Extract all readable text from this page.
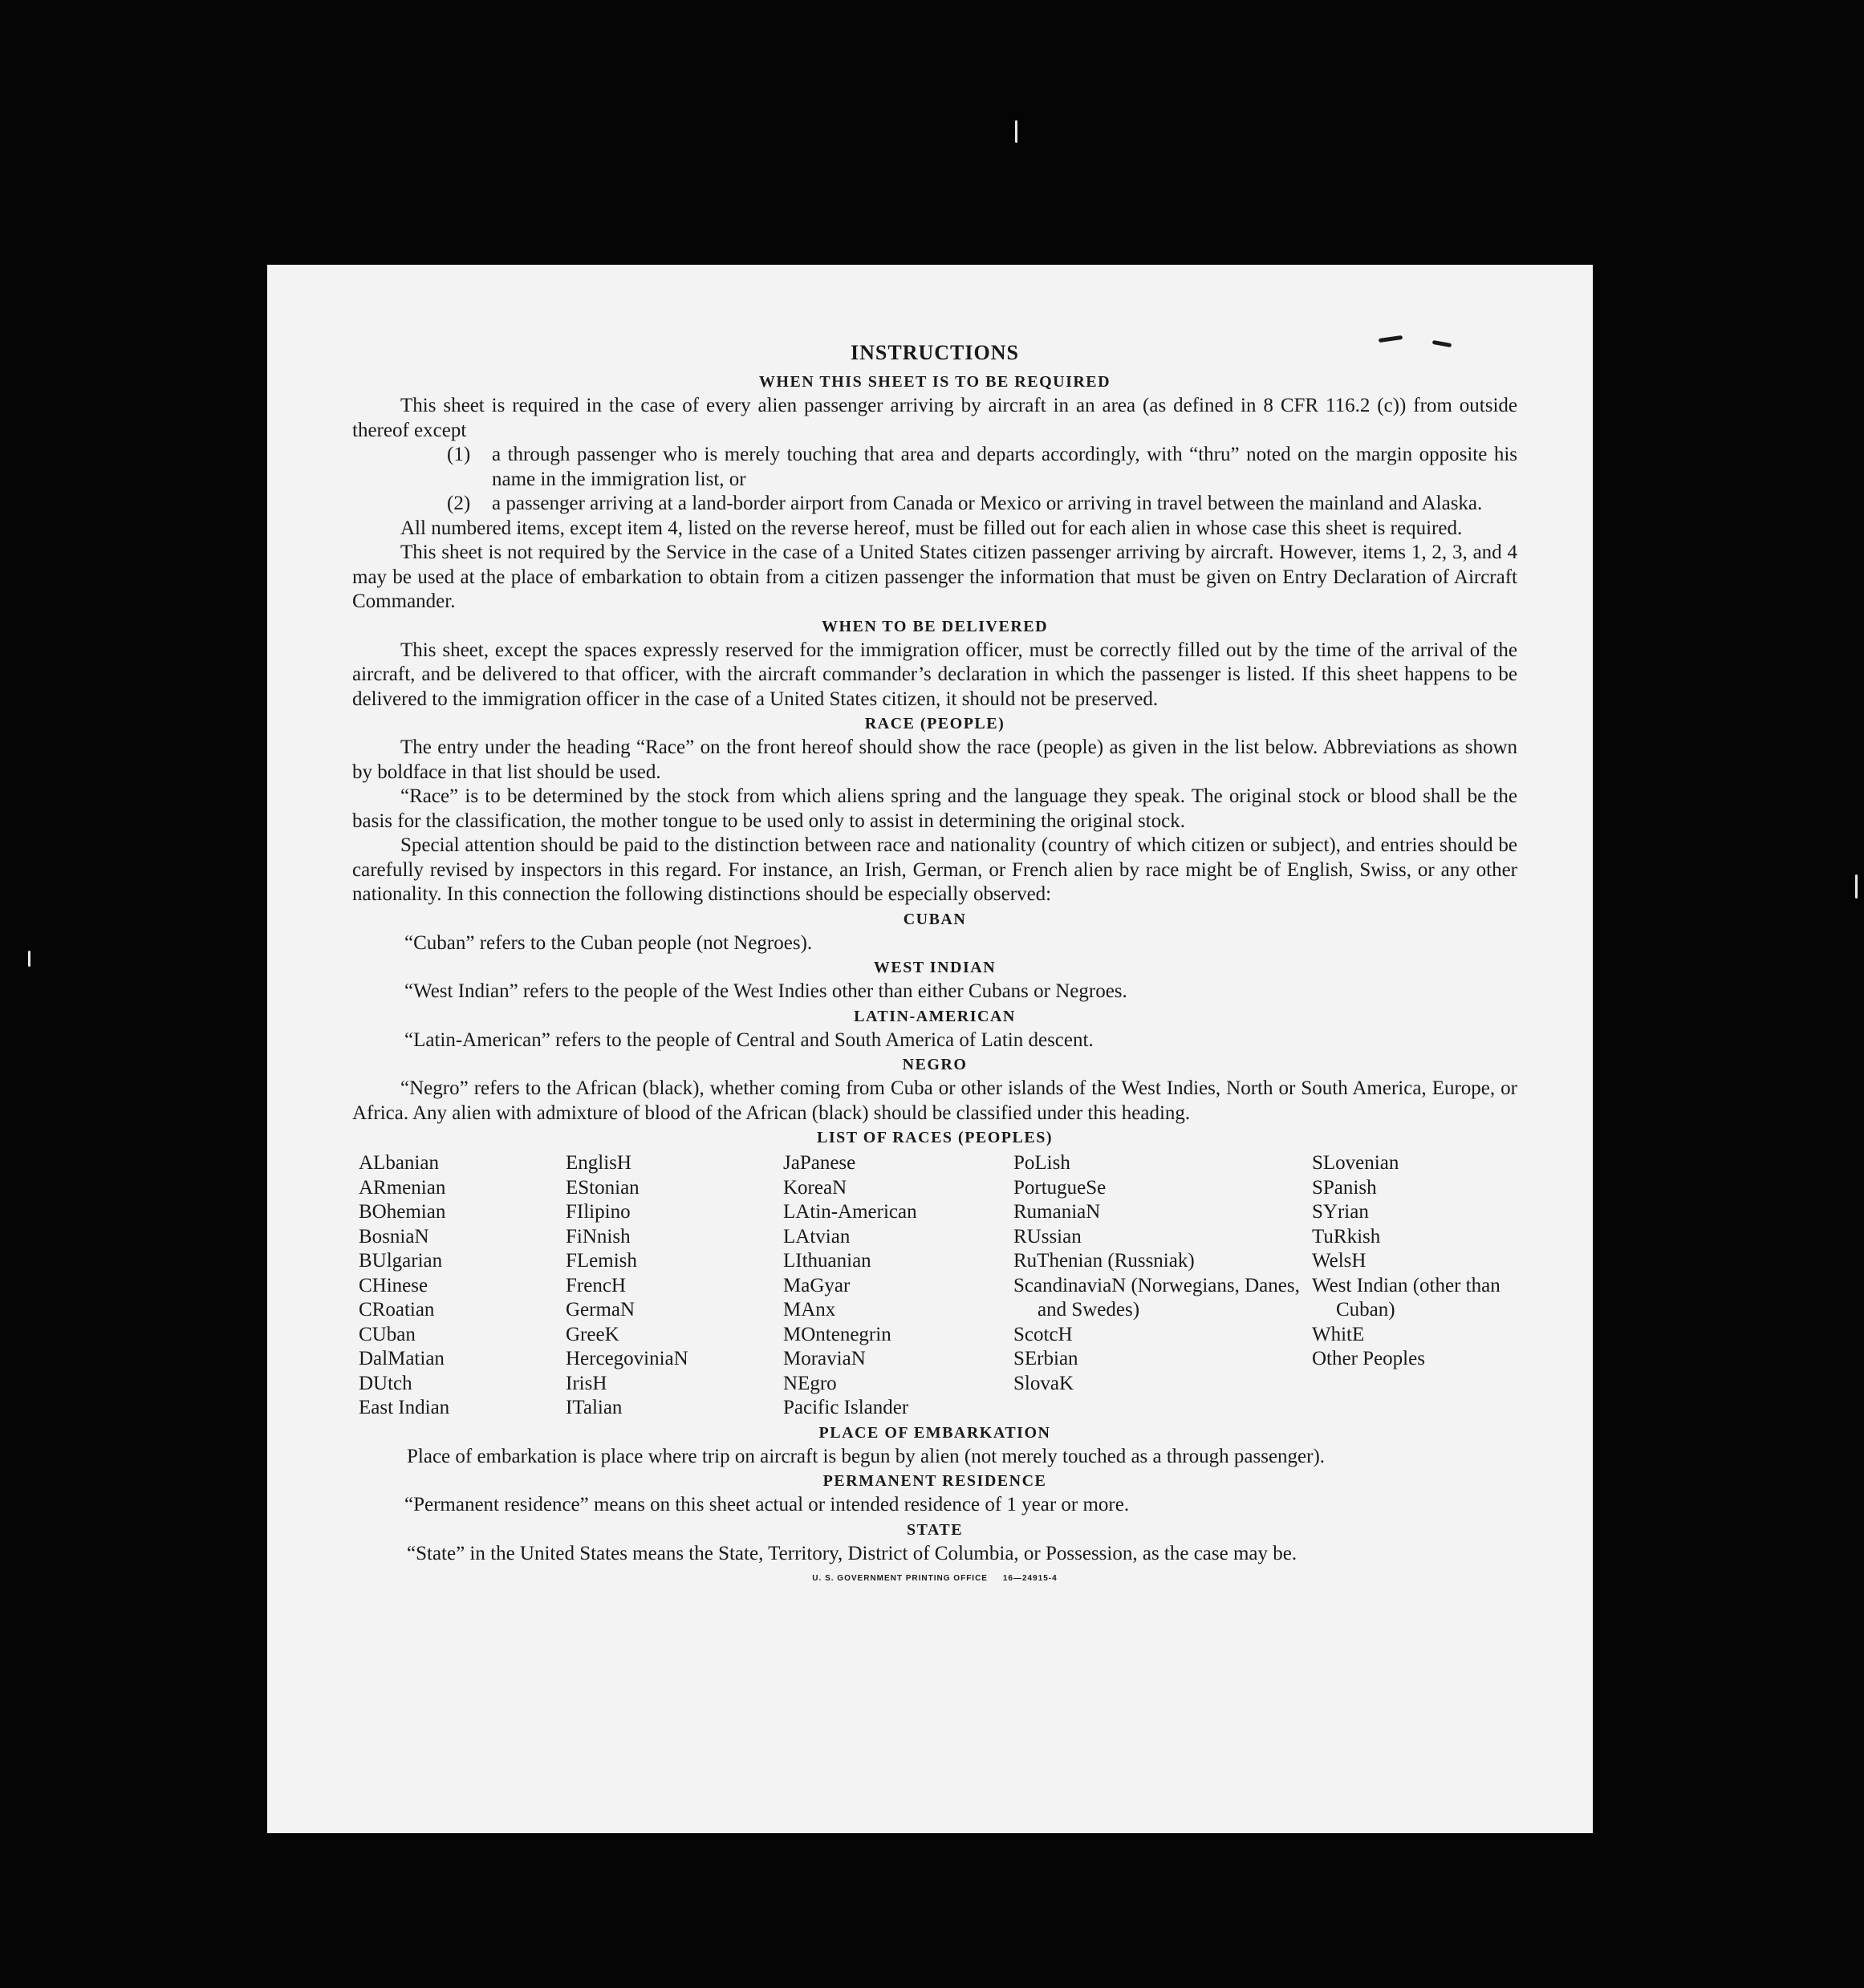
INSTRUCTIONS
WHEN THIS SHEET IS TO BE REQUIRED

This sheet is required in the case of every alien passenger arriving by aircraft in an area (as defined in 8 CFR 116.2 (c)) from outside thereof except

(1)	a through passenger who is merely touching that area and departs accordingly, with “thru” noted on the margin opposite his name in the immigration list, or
(2)	a passenger arriving at a land-border airport from Canada or Mexico or arriving in travel between the mainland and Alaska.

All numbered items, except item 4, listed on the reverse hereof, must be filled out for each alien in whose case this sheet is required.

This sheet is not required by the Service in the case of a United States citizen passenger arriving by aircraft. However, items 1, 2, 3, and 4 may be used at the place of embarkation to obtain from a citizen passenger the information that must be given on Entry Declaration of Aircraft Commander.

WHEN TO BE DELIVERED

This sheet, except the spaces expressly reserved for the immigration officer, must be correctly filled out by the time of the arrival of the aircraft, and be delivered to that officer, with the aircraft commander’s declaration in which the passenger is listed. If this sheet happens to be delivered to the immigration officer in the case of a United States citizen, it should not be preserved.

RACE (PEOPLE)

The entry under the heading “Race” on the front hereof should show the race (people) as given in the list below. Abbreviations as shown by boldface in that list should be used.

“Race” is to be determined by the stock from which aliens spring and the language they speak. The original stock or blood shall be the basis for the classification, the mother tongue to be used only to assist in determining the original stock.

Special attention should be paid to the distinction between race and nationality (country of which citizen or subject), and entries should be carefully revised by inspectors in this regard. For instance, an Irish, German, or French alien by race might be of English, Swiss, or any other nationality. In this connection the following distinctions should be especially observed:

CUBAN

“Cuban” refers to the Cuban people (not Negroes).

WEST INDIAN

“West Indian” refers to the people of the West Indies other than either Cubans or Negroes.

LATIN-AMERICAN

“Latin-American” refers to the people of Central and South America of Latin descent.

NEGRO

“Negro” refers to the African (black), whether coming from Cuba or other islands of the West Indies, North or South America, Europe, or Africa. Any alien with admixture of blood of the African (black) should be classified under this heading.

LIST OF RACES (PEOPLES)
ALbanian
ARmenian
BOhemian
BosniaN
BUlgarian
CHinese
CRoatian
CUban
DalMatian
DUtch
East Indian
EnglisH
EStonian
FIlipino
FiNnish
FLemish
FrencH
GermaN
GreeK
HercegoviniaN
IrisH
ITalian
JaPanese
KoreaN
LAtin-American
LAtvian
LIthuanian
MaGyar
MAnx
MOntenegrin
MoraviaN
NEgro
Pacific Islander
PoLish
PortugueSe
RumaniaN
RUssian
RuThenian (Russniak)
ScandinaviaN (Norwegians, Danes, and Swedes)
ScotcH
SErbian
SlovaK
SLovenian
SPanish
SYrian
TuRkish
WelsH
West Indian (other than Cuban)
WhitE
Other Peoples
PLACE OF EMBARKATION

Place of embarkation is place where trip on aircraft is begun by alien (not merely touched as a through passenger).

PERMANENT RESIDENCE

“Permanent residence” means on this sheet actual or intended residence of 1 year or more.

STATE

“State” in the United States means the State, Territory, District of Columbia, or Possession, as the case may be.

U. S. GOVERNMENT PRINTING OFFICE     16—24915-4
